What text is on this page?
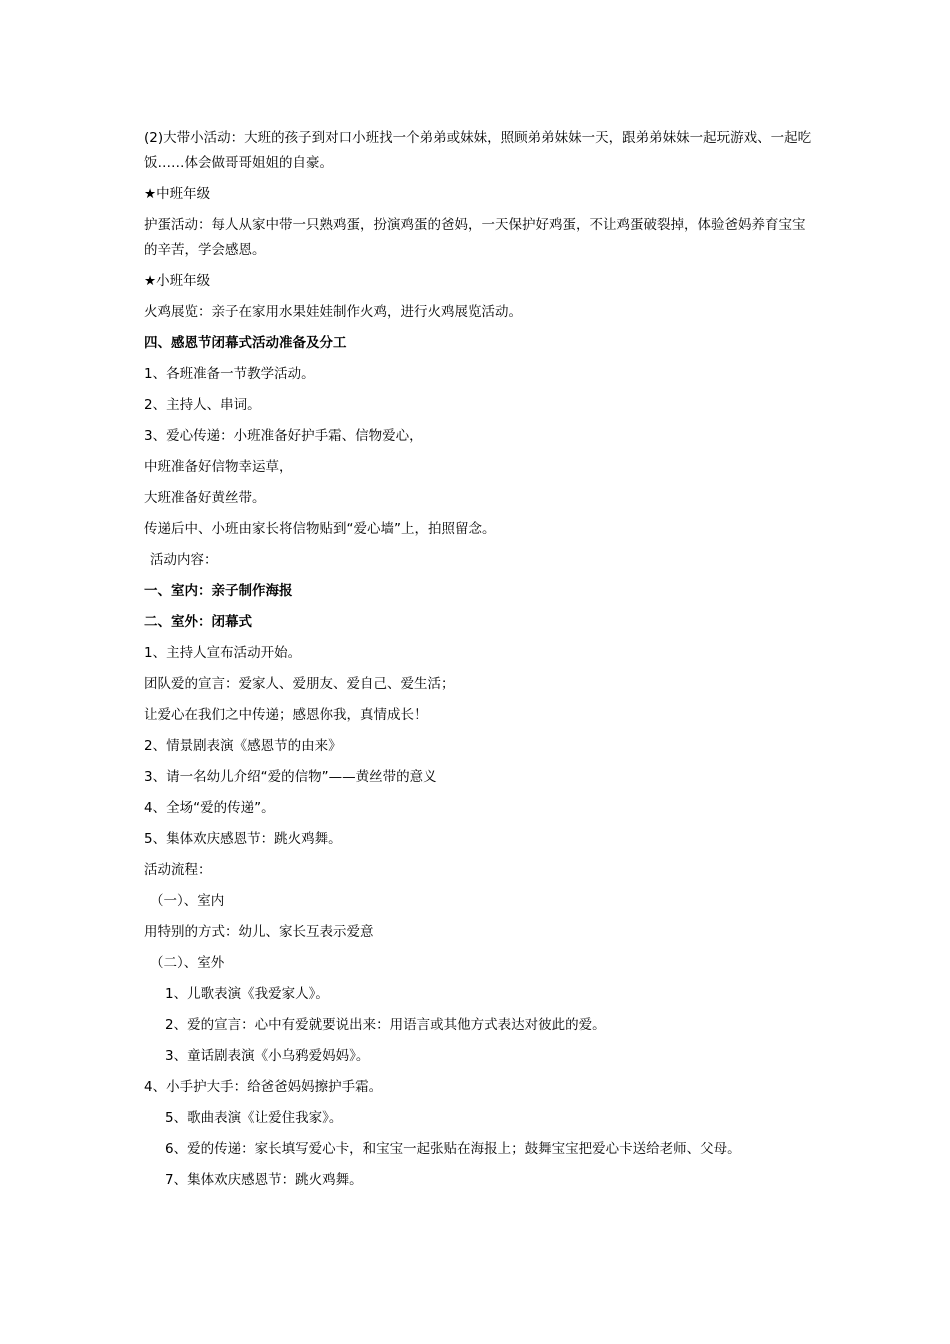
(2)大带小活动：大班的孩子到对口小班找一个弟弟或妹妹，照顾弟弟妹妹一天，跟弟弟妹妹一起玩游戏、一起吃饭……体会做哥哥姐姐的自豪。

★中班年级

护蛋活动：每人从家中带一只熟鸡蛋，扮演鸡蛋的爸妈，一天保护好鸡蛋，不让鸡蛋破裂掉，体验爸妈养育宝宝的辛苦，学会感恩。

★小班年级

火鸡展览：亲子在家用水果娃娃制作火鸡，进行火鸡展览活动。

四、感恩节闭幕式活动准备及分工

1、各班准备一节教学活动。

2、主持人、串词。

3、爱心传递：小班准备好护手霜、信物爱心，

中班准备好信物幸运草，

大班准备好黄丝带。

传递后中、小班由家长将信物贴到“爱心墙”上，拍照留念。

活动内容：

一、室内：亲子制作海报

二、室外：闭幕式

1、主持人宣布活动开始。

团队爱的宣言：爱家人、爱朋友、爱自己、爱生活；

让爱心在我们之中传递；感恩你我，真情成长！

2、情景剧表演《感恩节的由来》

3、请一名幼儿介绍“爱的信物”——黄丝带的意义

4、全场“爱的传递”。

5、集体欢庆感恩节：跳火鸡舞。

活动流程：

（一）、室内

用特别的方式：幼儿、家长互表示爱意

（二）、室外

1、儿歌表演《我爱家人》。

2、爱的宣言：心中有爱就要说出来：用语言或其他方式表达对彼此的爱。

3、童话剧表演《小乌鸦爱妈妈》。

4、小手护大手：给爸爸妈妈擦护手霜。

5、歌曲表演《让爱住我家》。

6、爱的传递：家长填写爱心卡，和宝宝一起张贴在海报上；鼓舞宝宝把爱心卡送给老师、父母。

7、集体欢庆感恩节：跳火鸡舞。
